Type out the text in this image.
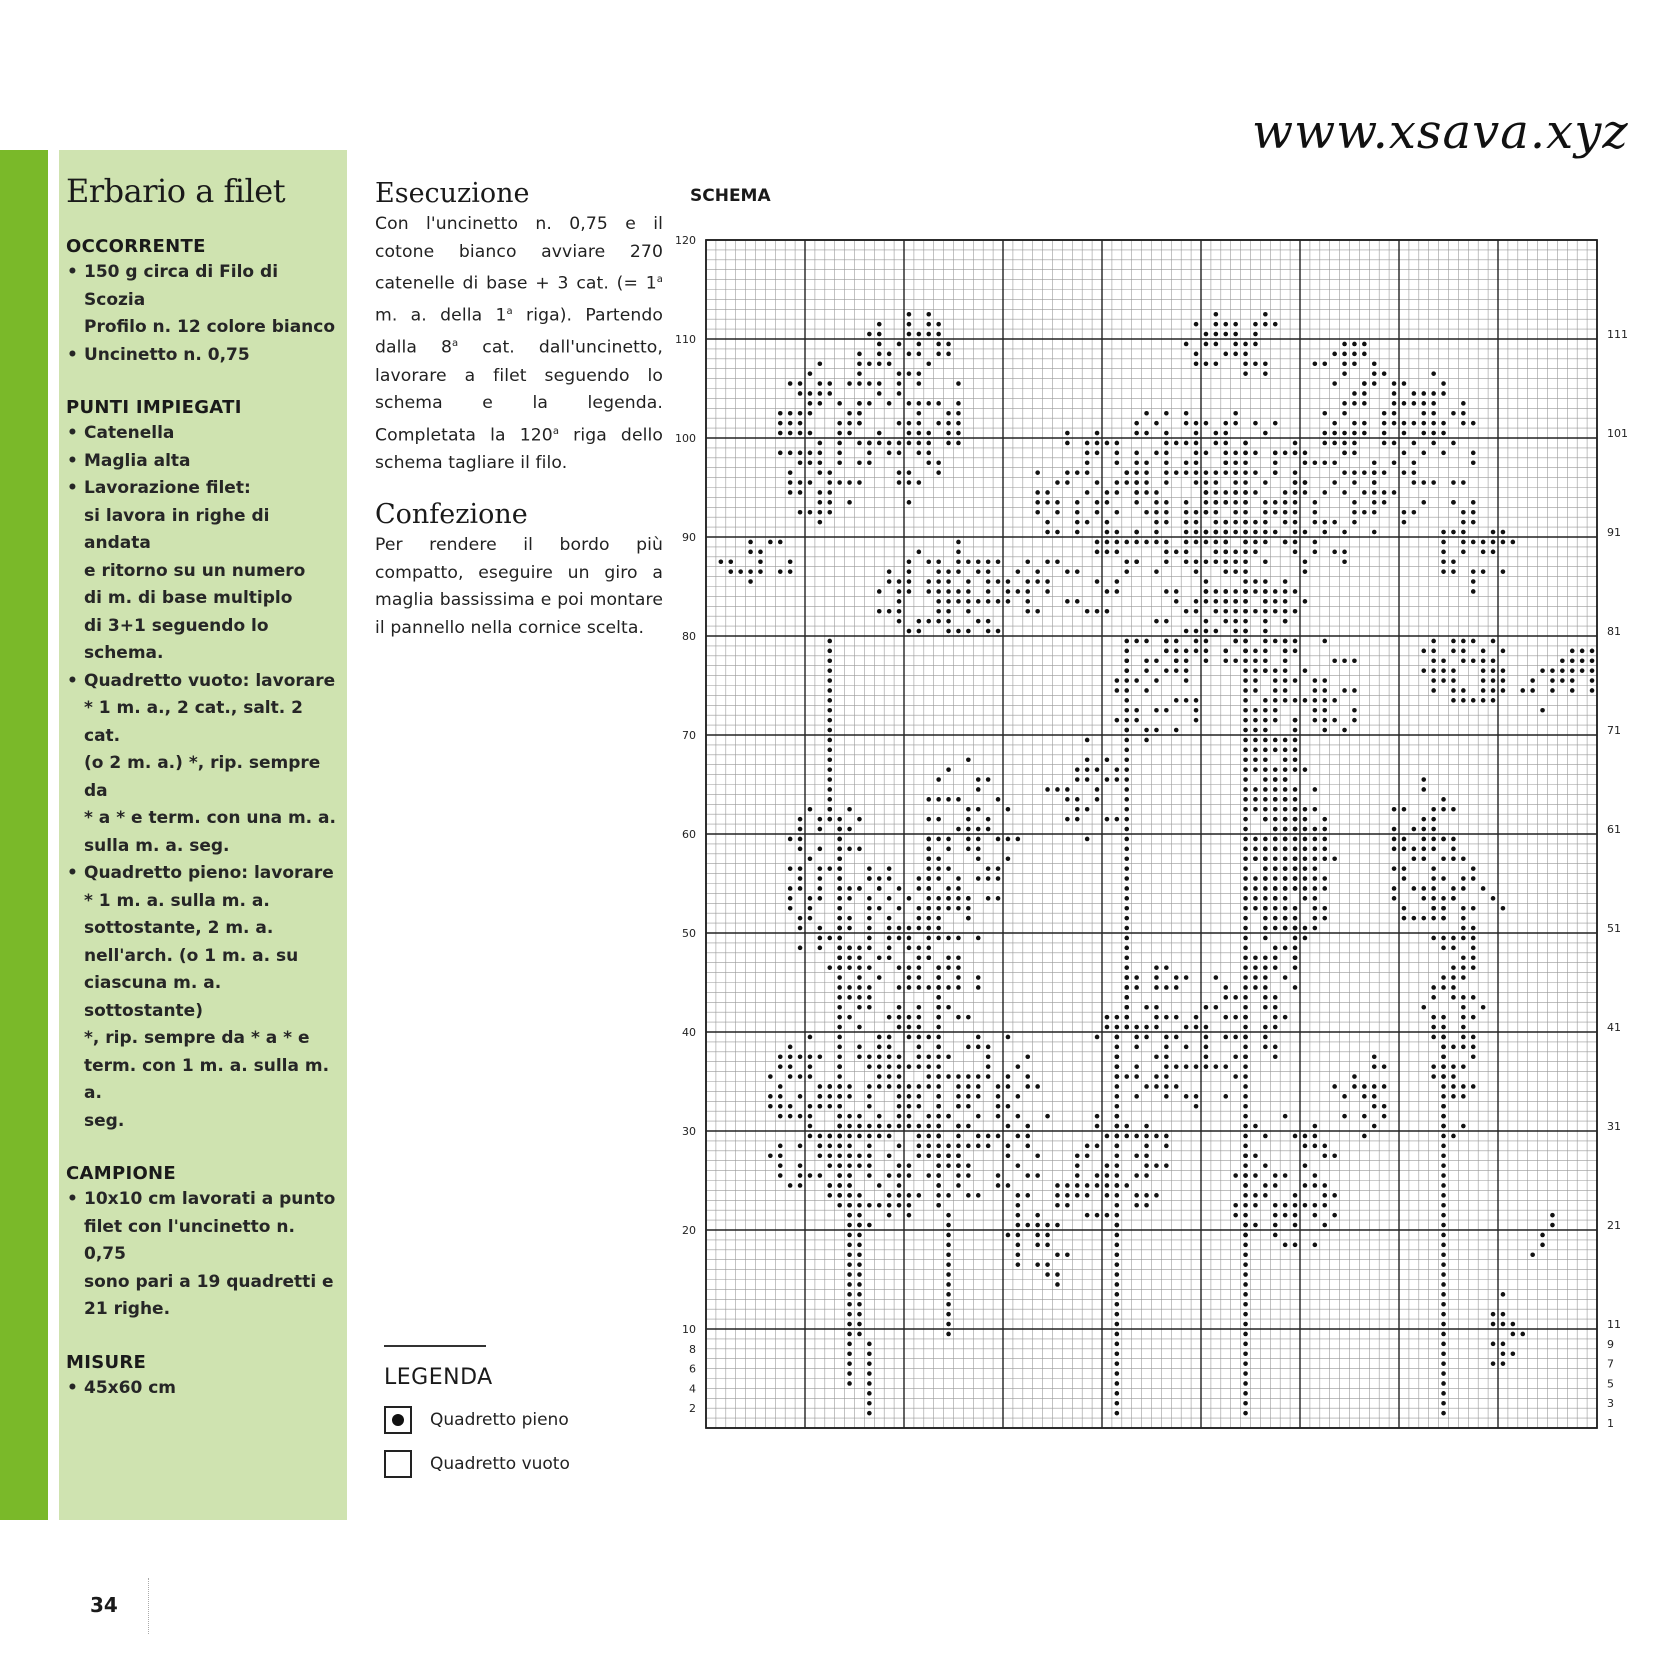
Erbario a filet
OCCORRENTE
• 150 g circa di Filo di Scozia
Profilo n. 12 colore bianco
• Uncinetto n. 0,75
PUNTI IMPIEGATI
• Catenella
• Maglia alta
• Lavorazione filet:
si lavora in righe di andata
e ritorno su un numero
di m. di base multiplo
di 3+1 seguendo lo schema.
• Quadretto vuoto: lavorare
* 1 m. a., 2 cat., salt. 2 cat.
(o 2 m. a.) *, rip. sempre da
* a * e term. con una m. a.
sulla m. a. seg.
• Quadretto pieno: lavorare
* 1 m. a. sulla m. a.
sottostante, 2 m. a.
nell'arch. (o 1 m. a. su
ciascuna m. a. sottostante)
*, rip. sempre da * a * e
term. con 1 m. a. sulla m. a.
seg.
CAMPIONE
• 10x10 cm lavorati a punto
filet con l'uncinetto n. 0,75
sono pari a 19 quadretti e
21 righe.
MISURE
• 45x60 cm
Esecuzione

Con l'uncinetto n. 0,75 e il cotone bianco avviare 270 catenelle di base + 3 cat. (= $1^a$ m. a. della 1$^a$ riga). Partendo dalla 8$^a$ cat. dall'uncinetto, lavorare a filet seguendo lo schema e la legenda. Completata la 120$^a$ riga dello schema tagliare il filo.

Confezione

Per rendere il bordo più compatto, eseguire un giro a maglia bassissima e poi montare il pannello nella cornice scelta.

LEGENDA
Quadretto pieno
Quadretto vuoto
SCHEMA
www.xsava.xyz
120
110
100
90
80
70
60
50
40
30
20
10
8
6
4
2
111
101
91
81
71
61
51
41
31
21
11
9
7
5
3
1
34
